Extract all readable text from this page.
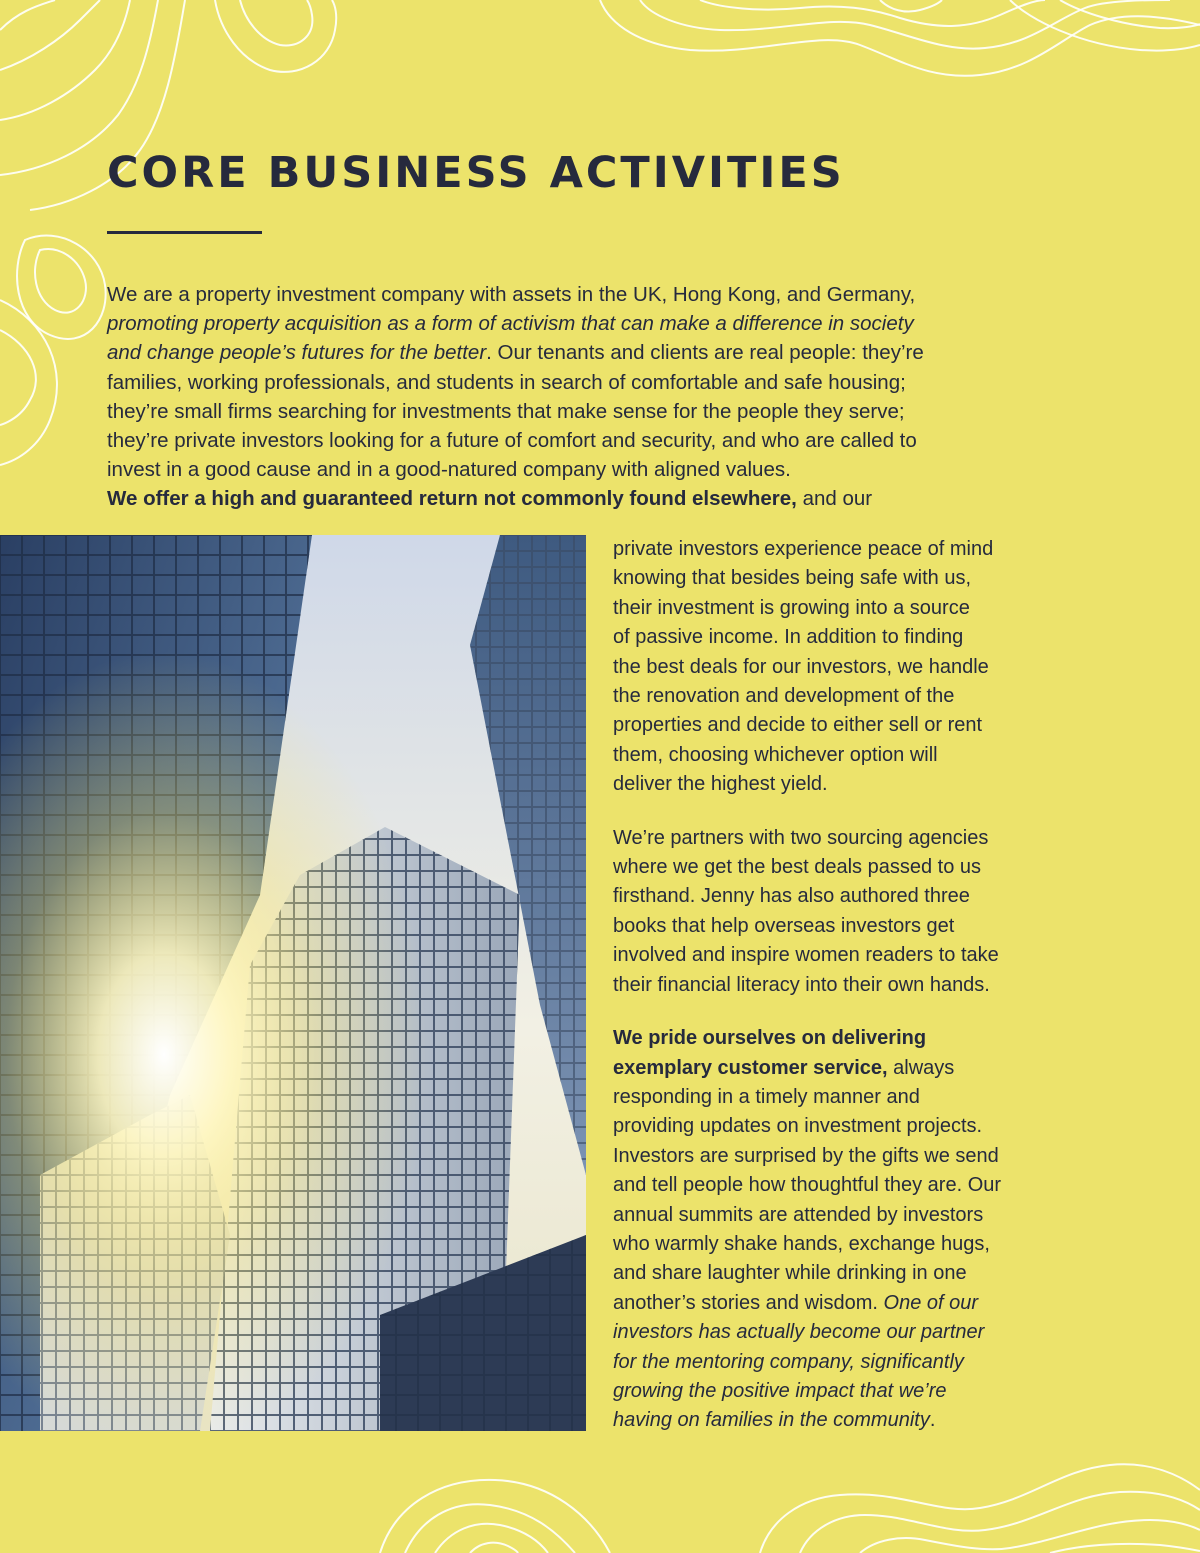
CORE BUSINESS ACTIVITIES

We are a property investment company with assets in the UK, Hong Kong, and Germany,
promoting property acquisition as a form of activism that can make a difference in society
and change people’s futures for the better. Our tenants and clients are real people: they’re
families, working professionals, and students in search of comfortable and safe housing;
they’re small firms searching for investments that make sense for the people they serve;
they’re private investors looking for a future of comfort and security, and who are called to
invest in a good cause and in a good-natured company with aligned values.
We offer a high and guaranteed return not commonly found elsewhere, and our

private investors experience peace of mind
knowing that besides being safe with us,
their investment is growing into a source
of passive income. In addition to finding
the best deals for our investors, we handle
the renovation and development of the
properties and decide to either sell or rent
them, choosing whichever option will
deliver the highest yield.

We’re partners with two sourcing agencies
where we get the best deals passed to us
firsthand. Jenny has also authored three
books that help overseas investors get
involved and inspire women readers to take
their financial literacy into their own hands.

We pride ourselves on delivering
exemplary customer service, always
responding in a timely manner and
providing updates on investment projects.
Investors are surprised by the gifts we send
and tell people how thoughtful they are. Our
annual summits are attended by investors
who warmly shake hands, exchange hugs,
and share laughter while drinking in one
another’s stories and wisdom. One of our
investors has actually become our partner
for the mentoring company, significantly
growing the positive impact that we’re
having on families in the community.
